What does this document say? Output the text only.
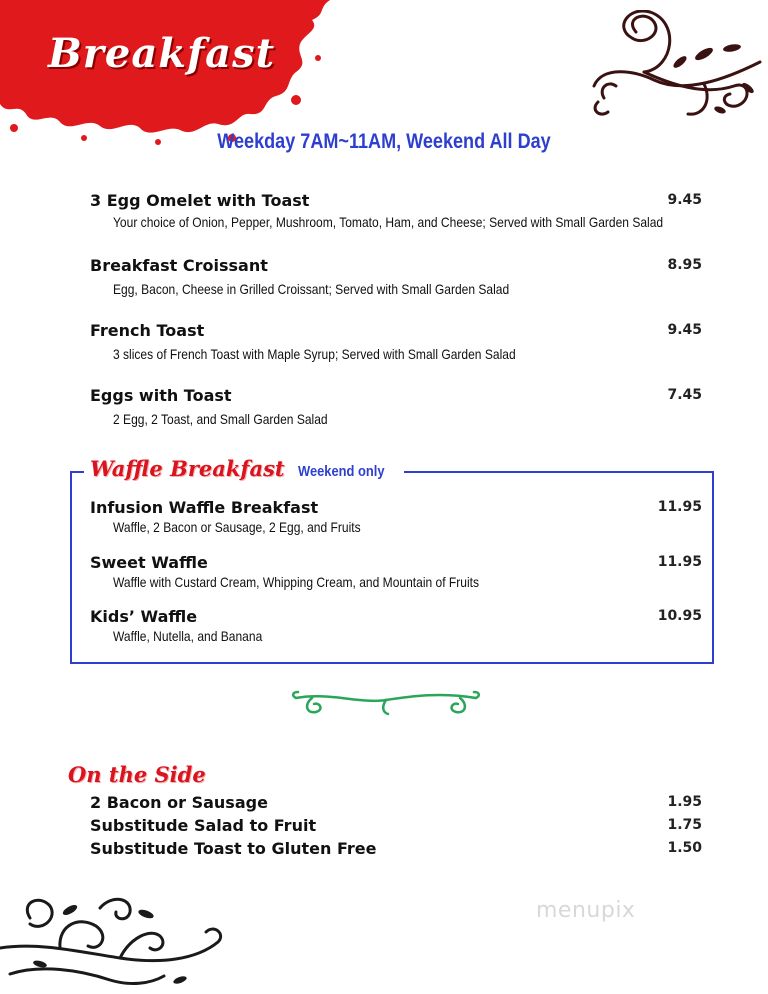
Breakfast
Weekday 7AM~11AM, Weekend All Day
3 Egg Omelet with Toast	9.45
Your choice of Onion, Pepper, Mushroom, Tomato, Ham, and Cheese; Served with Small Garden Salad
Breakfast Croissant	8.95
Egg, Bacon, Cheese in Grilled Croissant; Served with Small Garden Salad
French Toast	9.45
3 slices of French Toast with Maple Syrup; Served with Small Garden Salad
Eggs with Toast	7.45
2 Egg, 2 Toast, and Small Garden Salad
Waffle Breakfast Weekend only
Infusion Waffle Breakfast	11.95
Waffle, 2 Bacon or Sausage, 2 Egg, and Fruits
Sweet Waffle	11.95
Waffle with Custard Cream, Whipping Cream, and Mountain of Fruits
Kids’ Waffle	10.95
Waffle, Nutella, and Banana
On the Side
2 Bacon or Sausage	1.95
Substitude Salad to Fruit	1.75
Substitude Toast to Gluten Free	1.50
menupix
